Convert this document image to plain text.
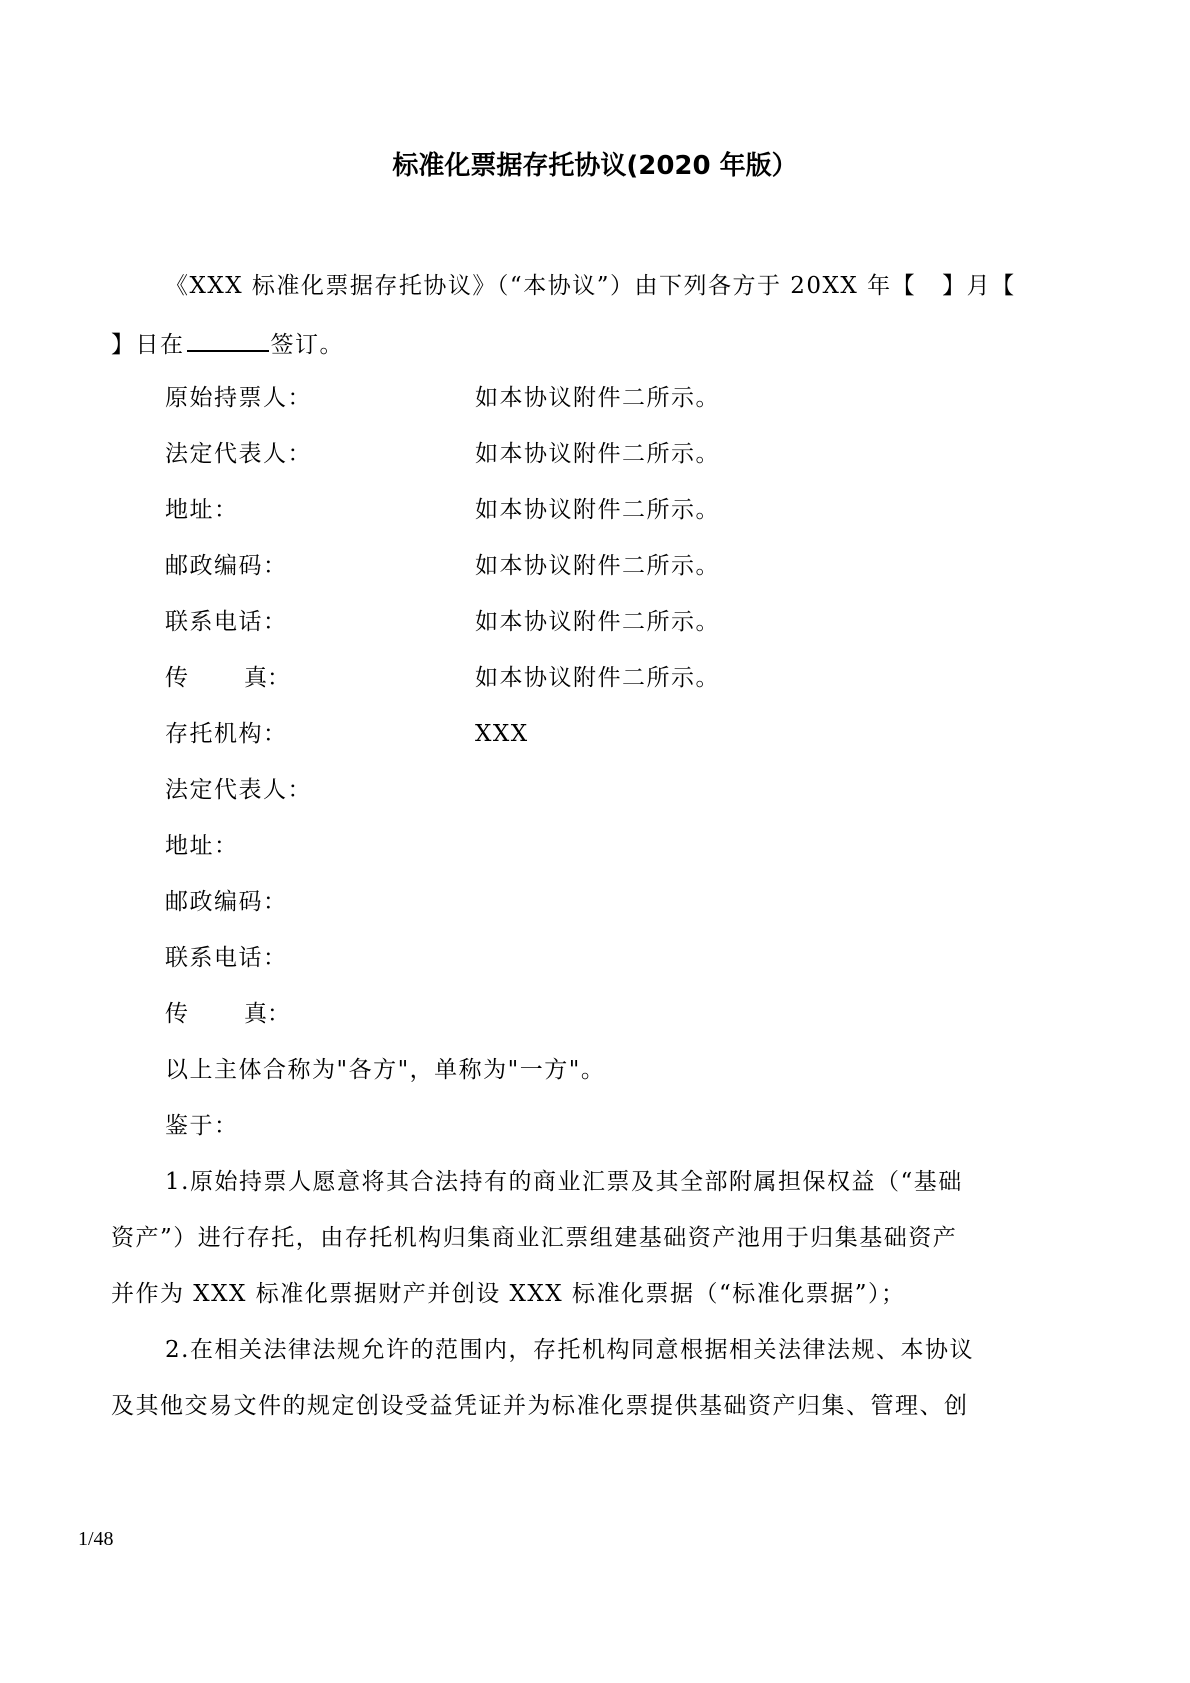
标准化票据存托协议(2020 年版）
《XXX 标准化票据存托协议》（“本协议”）由下列各方于 20XX 年【 】月【
】日在	签订。
原始持票人：	如本协议附件二所示。
法定代表人：	如本协议附件二所示。
地址：	如本协议附件二所示。
邮政编码：	如本协议附件二所示。
联系电话：	如本协议附件二所示。
传 真：	如本协议附件二所示。
存托机构：	XXX
法定代表人：
地址：
邮政编码：
联系电话：
传 真：
以上主体合称为"各方"，单称为"一方"。
鉴于：
1.原始持票人愿意将其合法持有的商业汇票及其全部附属担保权益（“基础
资产”）进行存托，由存托机构归集商业汇票组建基础资产池用于归集基础资产
并作为 XXX 标准化票据财产并创设 XXX 标准化票据（“标准化票据”）；
2.在相关法律法规允许的范围内，存托机构同意根据相关法律法规、本协议
及其他交易文件的规定创设受益凭证并为标准化票提供基础资产归集、管理、创
1/48
